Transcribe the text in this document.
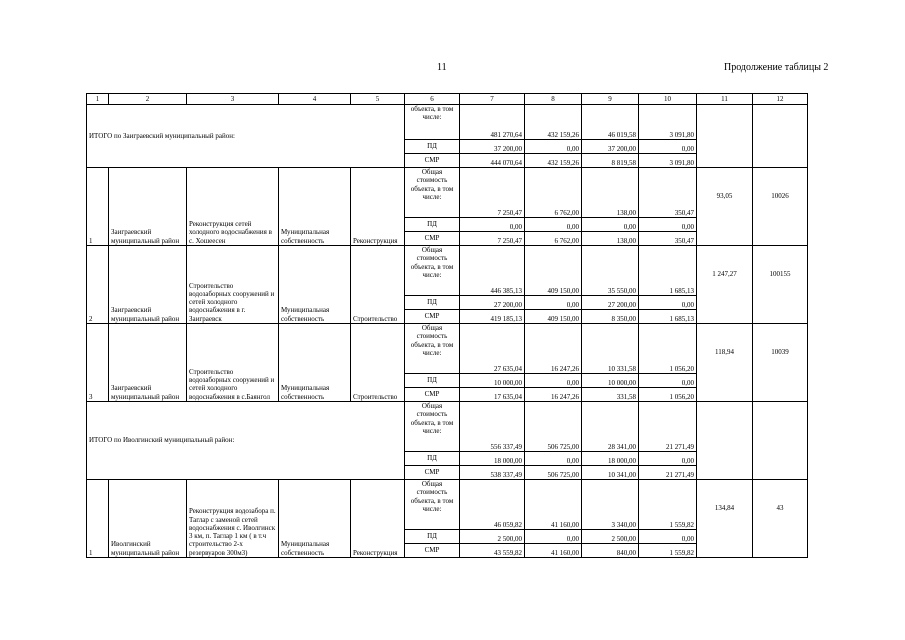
11	Продолжение таблицы 2
1	2	3	4	5	6	7	8	9	10	11	12
ИТОГО по Заиграевский муниципальный район:					объекта, в том числе:	481 270,64	432 159,26	46 019,58	3 091,80		
					ПД	37 200,00	0,00	37 200,00	0,00		
					СМР	444 070,64	432 159,26	8 819,58	3 091,80		
1	Заиграевский муниципальный район	Реконструкция сетей холодного водоснабжения в с. Хошеесен	Муниципальная собственность	Реконструкция	Общая стоимость объекта, в том числе:	7 250,47	6 762,00	138,00	350,47	93,05	10026
					ПД	0,00	0,00	0,00	0,00		
					СМР	7 250,47	6 762,00	138,00	350,47		
2	Заиграевский муниципальный район	Строительство водозаборных сооружений и сетей холодного водоснабжения в г. Заиграевск	Муниципальная собственность	Строительство	Общая стоимость объекта, в том числе:	446 385,13	409 150,00	35 550,00	1 685,13	1 247,27	100155
					ПД	27 200,00	0,00	27 200,00	0,00		
					СМР	419 185,13	409 150,00	8 350,00	1 685,13		
3	Заиграевский муниципальный район	Строительство водозаборных сооружений и сетей холодного водоснабжения в с.Баянгол	Муниципальная собственность	Строительство	Общая стоимость объекта, в том числе:	27 635,04	16 247,26	10 331,58	1 056,20	118,94	10039
					ПД	10 000,00	0,00	10 000,00	0,00		
					СМР	17 635,04	16 247,26	331,58	1 056,20		
ИТОГО по Иволгинский муниципальный район:					Общая стоимость объекта, в том числе:	556 337,49	506 725,00	28 341,00	21 271,49		
					ПД	18 000,00	0,00	18 000,00	0,00		
					СМР	538 337,49	506 725,00	10 341,00	21 271,49		
1	Иволгинский муниципальный район	Реконструкция водозабора п. Таглар с заменой сетей водоснабжения с. Иволгинск 3 км, п. Таглар 1 км ( в т.ч строительство 2-х резервуаров 300м3)	Муниципальная собственность	Реконструкция	Общая стоимость объекта, в том числе:	46 059,82	41 160,00	3 340,00	1 559,82	134,84	43
					ПД	2 500,00	0,00	2 500,00	0,00		
					СМР	43 559,82	41 160,00	840,00	1 559,82		
